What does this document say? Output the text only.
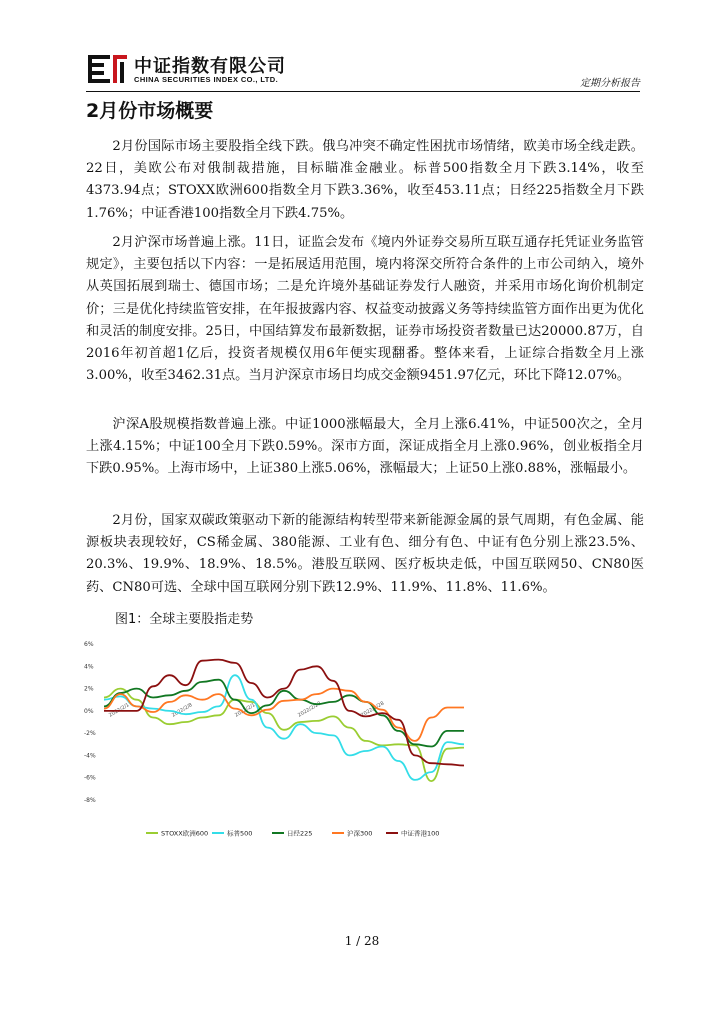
中证指数有限公司
CHINA SECURITIES INDEX CO., LTD.	定期分析报告
2月份市场概要

2月份国际市场主要股指全线下跌。俄乌冲突不确定性困扰市场情绪，欧美市场全线走跌。22日，美欧公布对俄制裁措施，目标瞄准金融业。标普500指数全月下跌3.14%，收至4373.94点；STOXX欧洲600指数全月下跌3.36%，收至453.11点；日经225指数全月下跌1.76%；中证香港100指数全月下跌4.75%。

2月沪深市场普遍上涨。11日，证监会发布《境内外证券交易所互联互通存托凭证业务监管规定》，主要包括以下内容：一是拓展适用范围，境内将深交所符合条件的上市公司纳入，境外从英国拓展到瑞士、德国市场；二是允许境外基础证券发行人融资，并采用市场化询价机制定价；三是优化持续监管安排，在年报披露内容、权益变动披露义务等持续监管方面作出更为优化和灵活的制度安排。25日，中国结算发布最新数据，证券市场投资者数量已达20000.87万，自2016年初首超1亿后，投资者规模仅用6年便实现翻番。整体来看，上证综合指数全月上涨3.00%，收至3462.31点。当月沪深京市场日均成交金额9451.97亿元，环比下降12.07%。

沪深A股规模指数普遍上涨。中证1000涨幅最大，全月上涨6.41%，中证500次之，全月上涨4.15%；中证100全月下跌0.59%。深市方面，深证成指全月上涨0.96%，创业板指全月下跌0.95%。上海市场中，上证380上涨5.06%，涨幅最大；上证50上涨0.88%，涨幅最小。

2月份，国家双碳政策驱动下新的能源结构转型带来新能源金属的景气周期，有色金属、能源板块表现较好，CS稀金属、380能源、工业有色、细分有色、中证有色分别上涨23.5%、20.3%、19.9%、18.9%、18.5%。港股互联网、医疗板块走低，中国互联网50、CN80医药、CN80可选、全球中国互联网分别下跌12.9%、11.9%、11.8%、11.6%。

图1：全球主要股指走势

6%
4%
2%
0%
-2%
-4%
-6%
-8%
2022/2/1	2022/2/8	2022/2/15	2022/2/22	2022/2/28
STOXX欧洲600	标普500	日经225	沪深300	中证香港100
1 / 28
